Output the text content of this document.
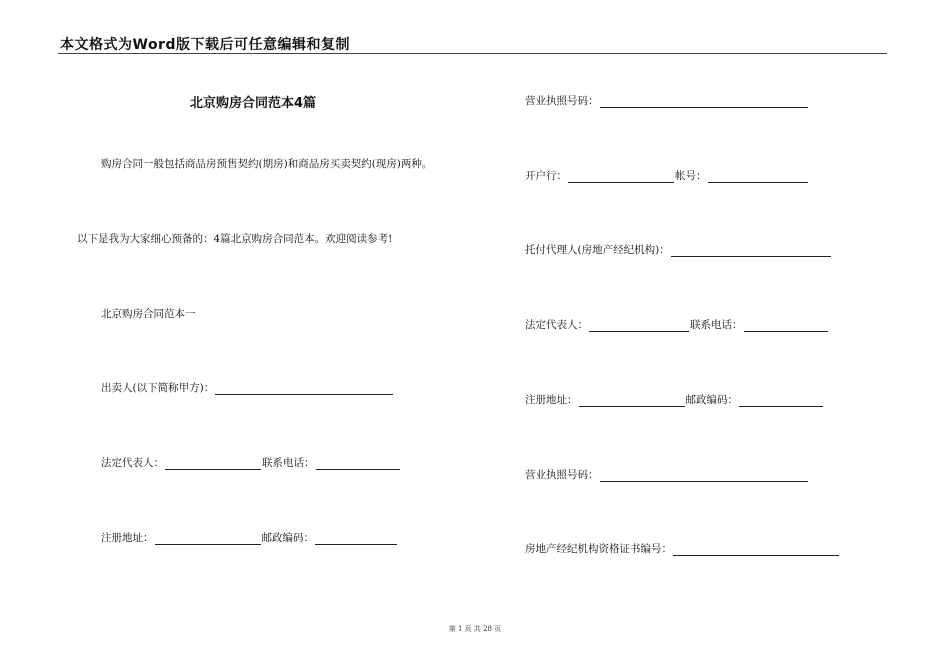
本文格式为Word版下载后可任意编辑和复制
北京购房合同范本4篇
购房合同一般包括商品房预售契约(期房)和商品房买卖契约(现房)两种。
以下是我为大家细心预备的：4篇北京购房合同范本。欢迎阅读参考!
北京购房合同范本一
出卖人(以下简称甲方)：
法定代表人：	联系电话：
注册地址：	邮政编码：
营业执照号码：
开户行：	帐号：
托付代理人(房地产经纪机构)：
法定代表人：	联系电话：
注册地址：	邮政编码：
营业执照号码：
房地产经纪机构资格证书编号：
第 1 页 共 28 页
